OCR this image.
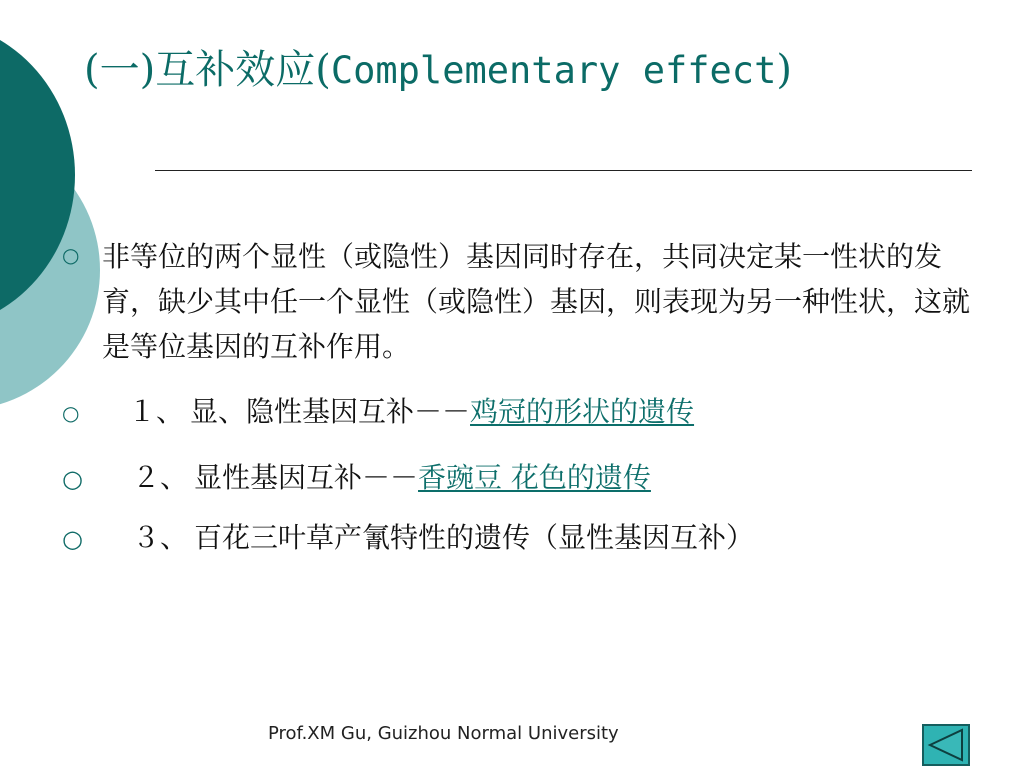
(一)互补效应(Complementary effect)
○ 非等位的两个显性（或隐性）基因同时存在，共同决定某一性状的发育，缺少其中任一个显性（或隐性）基因，则表现为另一种性状，这就是等位基因的互补作用。
○ １、 显、隐性基因互补－－鸡冠的形状的遗传
○ ２、 显性基因互补－－香豌豆 花色的遗传
○ ３、 百花三叶草产氰特性的遗传（显性基因互补）
Prof.XM Gu, Guizhou Normal University
